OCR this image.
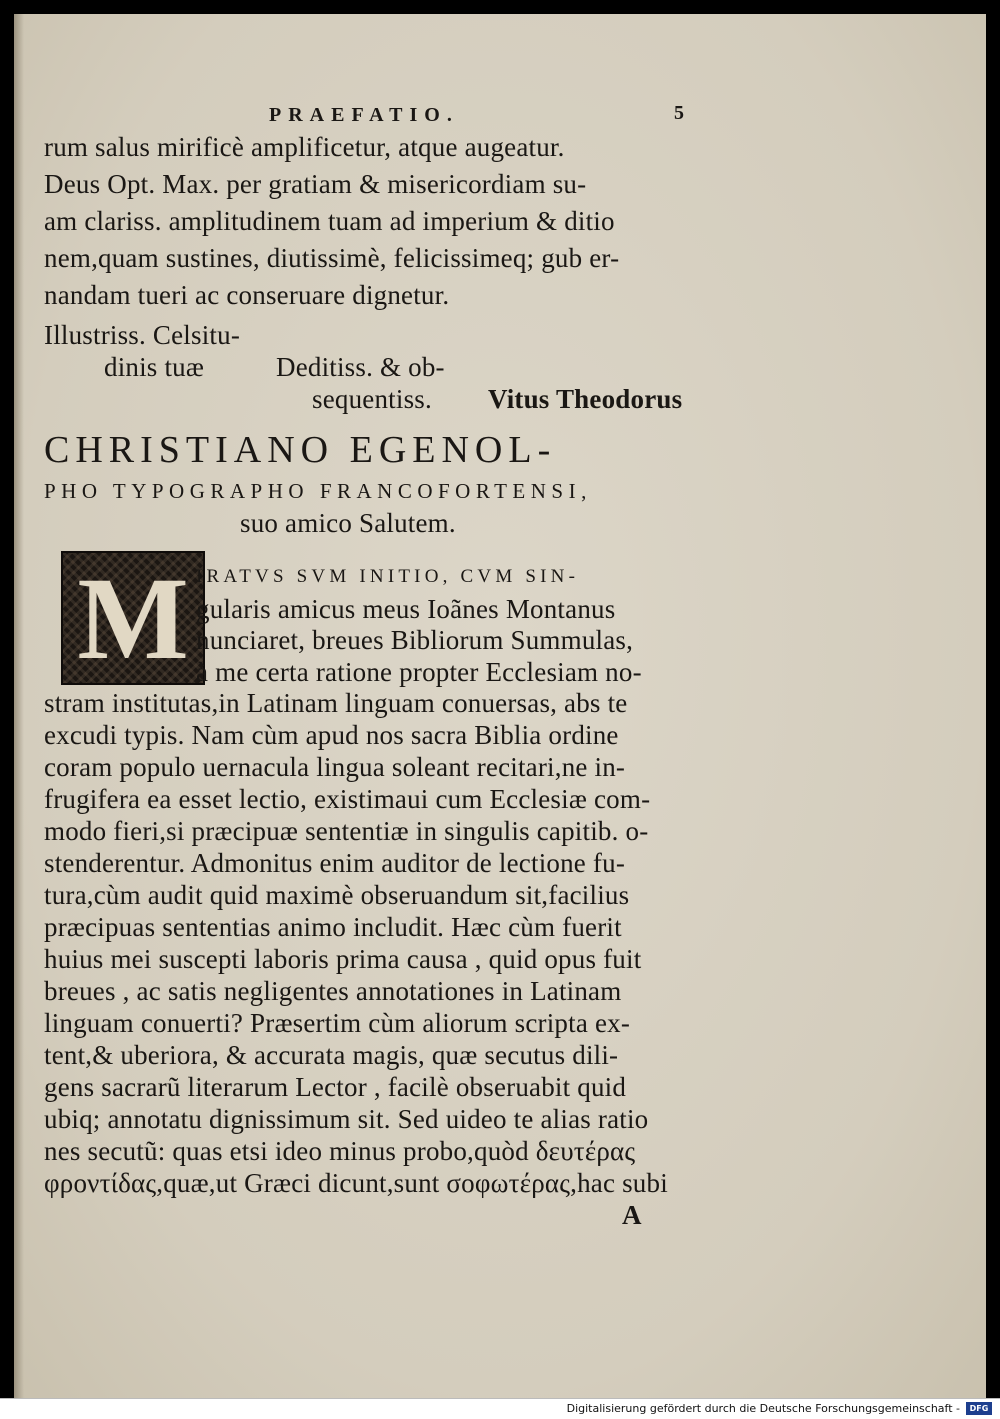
PRAEFATIO.	5
rum salus mirificè amplificetur, atque augeatur.
Deus Opt. Max. per gratiam & misericordiam su-
am clariss. amplitudinem tuam ad imperium & ditio
nem,quam sustines, diutissimè, felicissimeq; gub er-
nandam tueri ac conseruare dignetur.
Illustriss. Celsitu-
dinis tuæ	Deditiss. & ob-
sequentiss. Vitus Theodorus
CHRISTIANO EGENOL-
PHO TYPOGRAPHO FRANCOFORTENSI,
suo amico Salutem.
M IRATVS SVM INITIO, CVM SIN-
gularis amicus meus Ioãnes Montanus
nunciaret, breues Bibliorum Summulas,
à me certa ratione propter Ecclesiam no-
stram institutas,in Latinam linguam conuersas, abs te
excudi typis. Nam cùm apud nos sacra Biblia ordine
coram populo uernacula lingua soleant recitari,ne in-
frugifera ea esset lectio, existimaui cum Ecclesiæ com-
modo fieri,si præcipuæ sententiæ in singulis capitib. o-
stenderentur. Admonitus enim auditor de lectione fu-
tura,cùm audit quid maximè obseruandum sit,facilius
præcipuas sententias animo includit. Hæc cùm fuerit
huius mei suscepti laboris prima causa , quid opus fuit
breues , ac satis negligentes annotationes in Latinam
linguam conuerti? Præsertim cùm aliorum scripta ex-
tent,& uberiora, & accurata magis, quæ secutus dili-
gens sacrarũ literarum Lector , facilè obseruabit quid
ubiq; annotatu dignissimum sit. Sed uideo te alias ratio
nes secutũ: quas etsi ideo minus probo,quòd δευτέρας
φροντίδας,quæ,ut Græci dicunt,sunt σοφωτέρας,hac subi
A
Digitalisierung gefördert durch die Deutsche Forschungsgemeinschaft -	DFG
